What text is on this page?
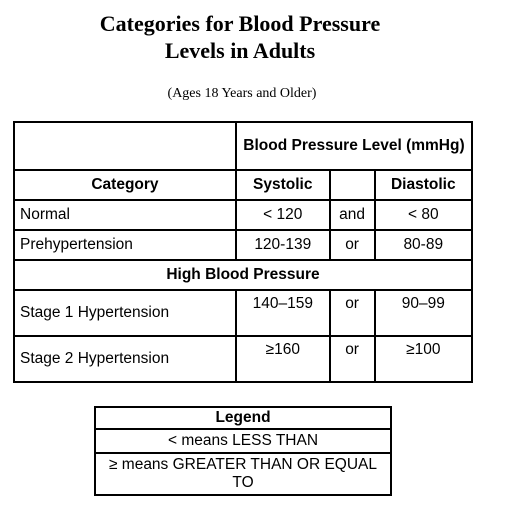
Categories for Blood Pressure
Levels in Adults
(Ages 18 Years and Older)
	Blood Pressure Level (mmHg)		
Category	Systolic		Diastolic
Normal	< 120	and	< 80
Prehypertension	120-139	or	80-89
High Blood Pressure			
Stage 1 Hypertension	140–159	or	90–99
Stage 2 Hypertension	≥160	or	≥100
Legend
< means LESS THAN
≥ means GREATER THAN OR EQUAL TO
